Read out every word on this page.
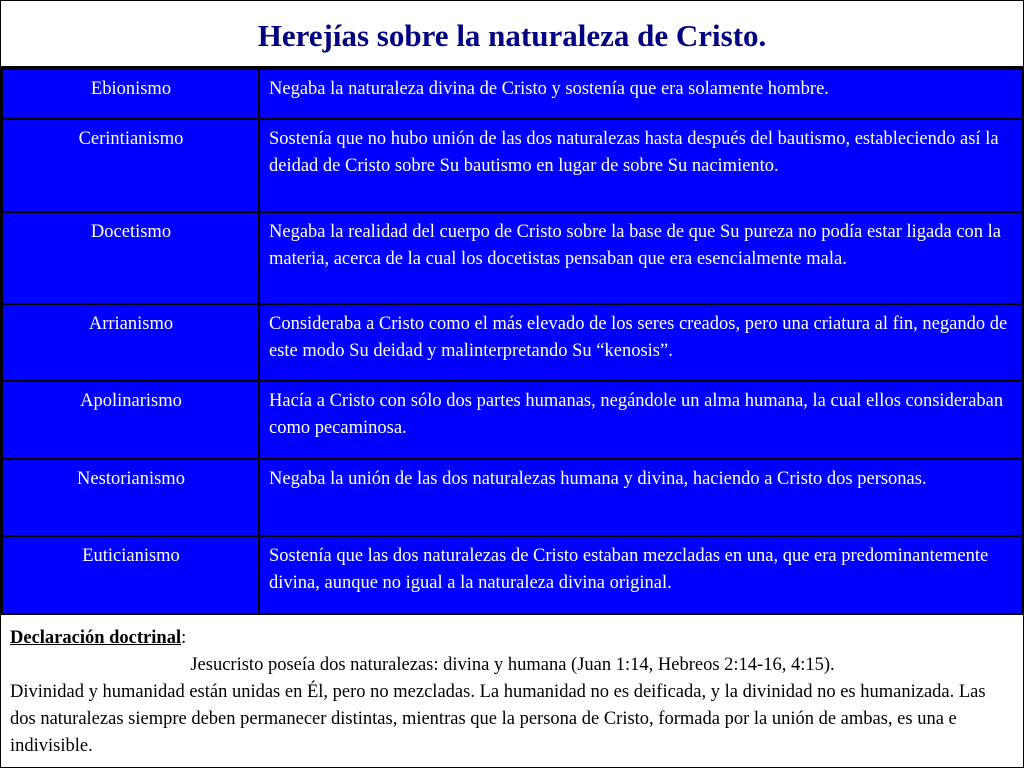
Herejías sobre la naturaleza de Cristo.
Ebionismo	Negaba la naturaleza divina de Cristo y sostenía que era solamente hombre.
Cerintianismo	Sostenía que no hubo unión de las dos naturalezas hasta después del bautismo, estableciendo así la deidad de Cristo sobre Su bautismo en lugar de sobre Su nacimiento.
Docetismo	Negaba la realidad del cuerpo de Cristo sobre la base de que Su pureza no podía estar ligada con la materia, acerca de la cual los docetistas pensaban que era esencialmente mala.
Arrianismo	Consideraba a Cristo como el más elevado de los seres creados, pero una criatura al fin, negando de este modo Su deidad y malinterpretando Su “kenosis”.
Apolinarismo	Hacía a Cristo con sólo dos partes humanas, negándole un alma humana, la cual ellos consideraban como pecaminosa.
Nestorianismo	Negaba la unión de las dos naturalezas humana y divina, haciendo a Cristo dos personas.
Euticianismo	Sostenía que las dos naturalezas de Cristo estaban mezcladas en una, que era predominantemente divina, aunque no igual a la naturaleza divina original.
Declaración doctrinal:
Jesucristo poseía dos naturalezas: divina y humana (Juan 1:14, Hebreos 2:14-16, 4:15).
Divinidad y humanidad están unidas en Él, pero no mezcladas. La humanidad no es deificada, y la divinidad no es humanizada. Las dos naturalezas siempre deben permanecer distintas, mientras que la persona de Cristo, formada por la unión de ambas, es una e indivisible.
